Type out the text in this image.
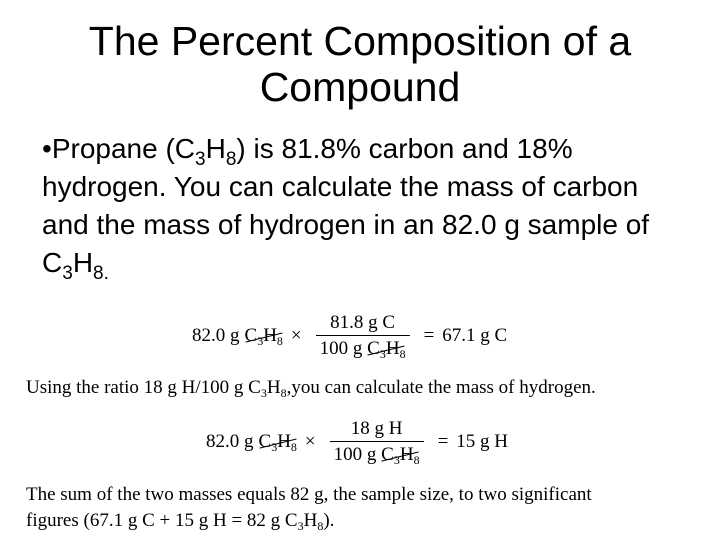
The Percent Composition of a
Compound
•Propane $(C_3H_8)$ is 81.8% carbon and 18% hydrogen. You can calculate the mass of carbon and the mass of hydrogen in an 82.0 g sample of $C_3H_{8.}$
82.0 g $C_3H_8 \times \frac{\text{81.8 g C}}{100 g C_3H_8} = 67.1$ g C
Using the ratio 18 g H/100 g $C_3H_8,you$ can calculate the mass of hydrogen.
82.0 g $C_3H_8 \times \frac{\text{18 g H}}{100 g C_3H_8} = 15$ g H
The sum of the two masses equals 82 g, the sample size, to two significant
figures (67.1 g C + 15 g H = 82 g $C_3H_8$).
